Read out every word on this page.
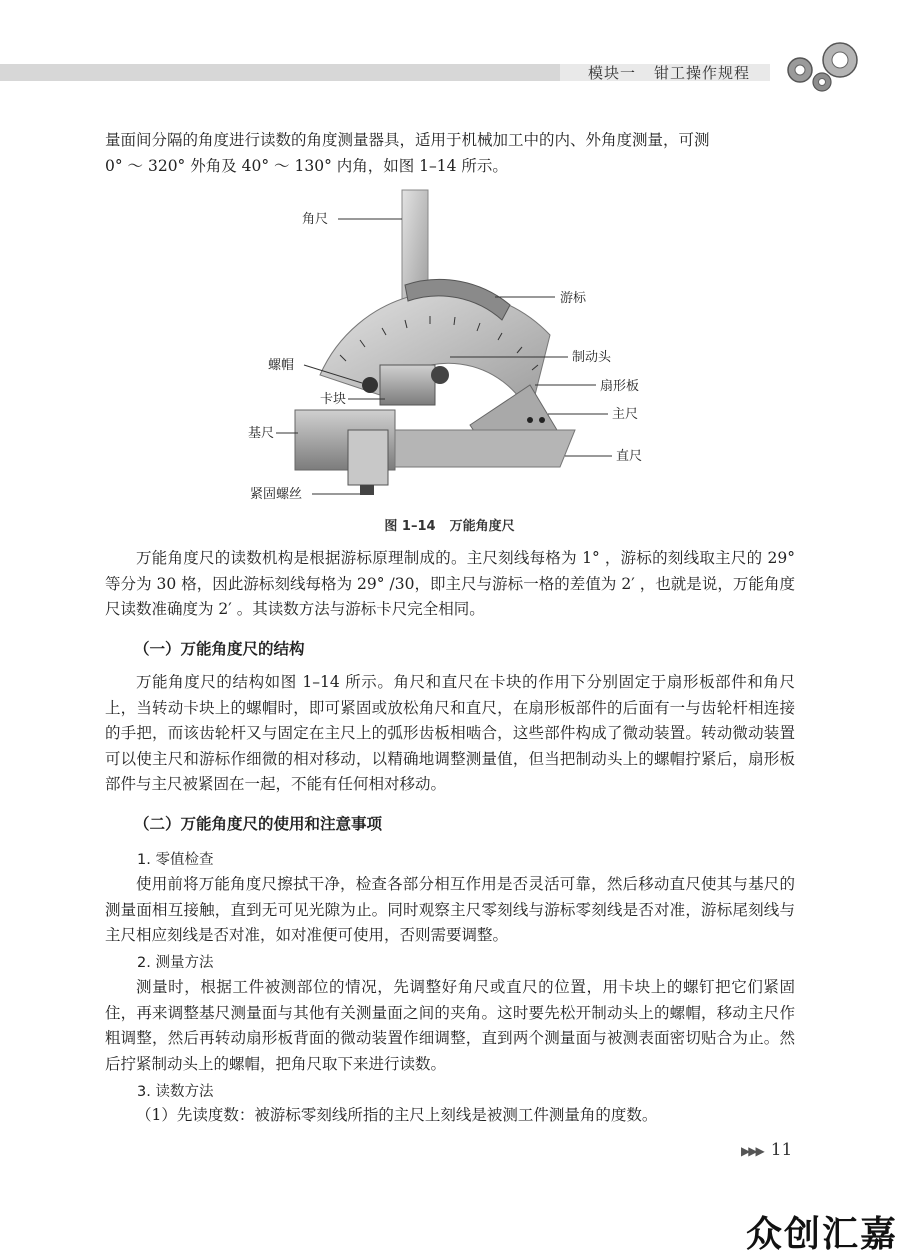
模块一 钳工操作规程

量面间分隔的角度进行读数的角度测量器具，适用于机械加工中的内、外角度测量，可测

0° ～ 320° 外角及 40° ～ 130° 内角，如图 1–14 所示。

角尺
游标
螺帽
制动头
扇形板
卡块
主尺
基尺
直尺
紧固螺丝
图 1–14 万能角度尺

万能角度尺的读数机构是根据游标原理制成的。主尺刻线每格为 1° ，游标的刻线取主尺的 29° 等分为 30 格，因此游标刻线每格为 29° /30，即主尺与游标一格的差值为 2′ ，也就是说，万能角度尺读数准确度为 2′ 。其读数方法与游标卡尺完全相同。

（一）万能角度尺的结构

万能角度尺的结构如图 1–14 所示。角尺和直尺在卡块的作用下分别固定于扇形板部件和角尺上，当转动卡块上的螺帽时，即可紧固或放松角尺和直尺，在扇形板部件的后面有一与齿轮杆相连接的手把，而该齿轮杆又与固定在主尺上的弧形齿板相啮合，这些部件构成了微动装置。转动微动装置可以使主尺和游标作细微的相对移动，以精确地调整测量值，但当把制动头上的螺帽拧紧后，扇形板部件与主尺被紧固在一起，不能有任何相对移动。

（二）万能角度尺的使用和注意事项
1. 零值检查

使用前将万能角度尺擦拭干净，检查各部分相互作用是否灵活可靠，然后移动直尺使其与基尺的测量面相互接触，直到无可见光隙为止。同时观察主尺零刻线与游标零刻线是否对准，游标尾刻线与主尺相应刻线是否对准，如对准便可使用，否则需要调整。

2. 测量方法

测量时，根据工件被测部位的情况，先调整好角尺或直尺的位置，用卡块上的螺钉把它们紧固住，再来调整基尺测量面与其他有关测量面之间的夹角。这时要先松开制动头上的螺帽，移动主尺作粗调整，然后再转动扇形板背面的微动装置作细调整，直到两个测量面与被测表面密切贴合为止。然后拧紧制动头上的螺帽，把角尺取下来进行读数。

3. 读数方法

（1）先读度数：被游标零刻线所指的主尺上刻线是被测工件测量角的度数。

▶▶▶ 11
众创汇嘉
